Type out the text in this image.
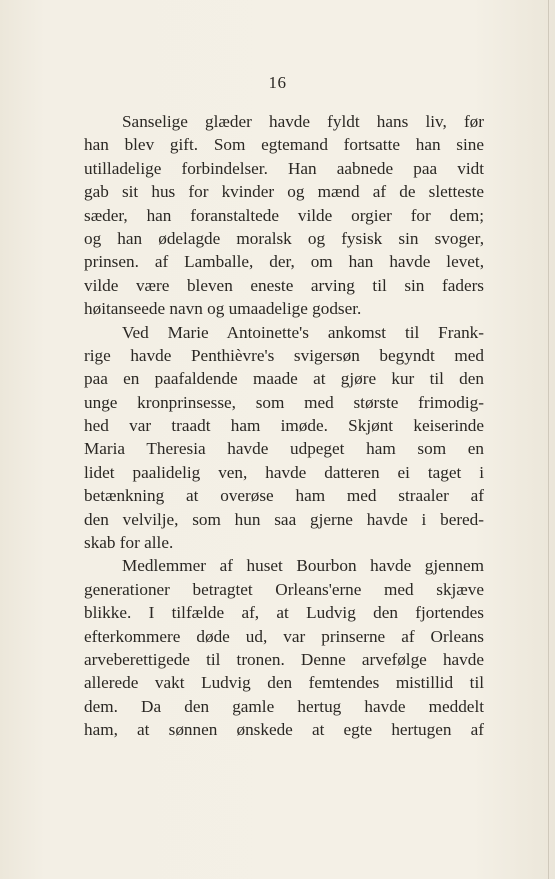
16
Sanselige glæder havde fyldt hans liv, før
han blev gift. Som egtemand fortsatte han sine
utilladelige forbindelser. Han aabnede paa vidt
gab sit hus for kvinder og mænd af de sletteste
sæder, han foranstaltede vilde orgier for dem;
og han ødelagde moralsk og fysisk sin svoger,
prinsen. af Lamballe, der, om han havde levet,
vilde være bleven eneste arving til sin faders
høitanseede navn og umaadelige godser.
Ved Marie Antoinette's ankomst til Frank-
rige havde Penthièvre's svigersøn begyndt med
paa en paafaldende maade at gjøre kur til den
unge kronprinsesse, som med største frimodig-
hed var traadt ham imøde. Skjønt keiserinde
Maria Theresia havde udpeget ham som en
lidet paalidelig ven, havde datteren ei taget i
betænkning at overøse ham med straaler af
den velvilje, som hun saa gjerne havde i bered-
skab for alle.
Medlemmer af huset Bourbon havde gjennem
generationer betragtet Orleans'erne med skjæve
blikke. I tilfælde af, at Ludvig den fjortendes
efterkommere døde ud, var prinserne af Orleans
arveberettigede til tronen. Denne arvefølge havde
allerede vakt Ludvig den femtendes mistillid til
dem. Da den gamle hertug havde meddelt
ham, at sønnen ønskede at egte hertugen af
